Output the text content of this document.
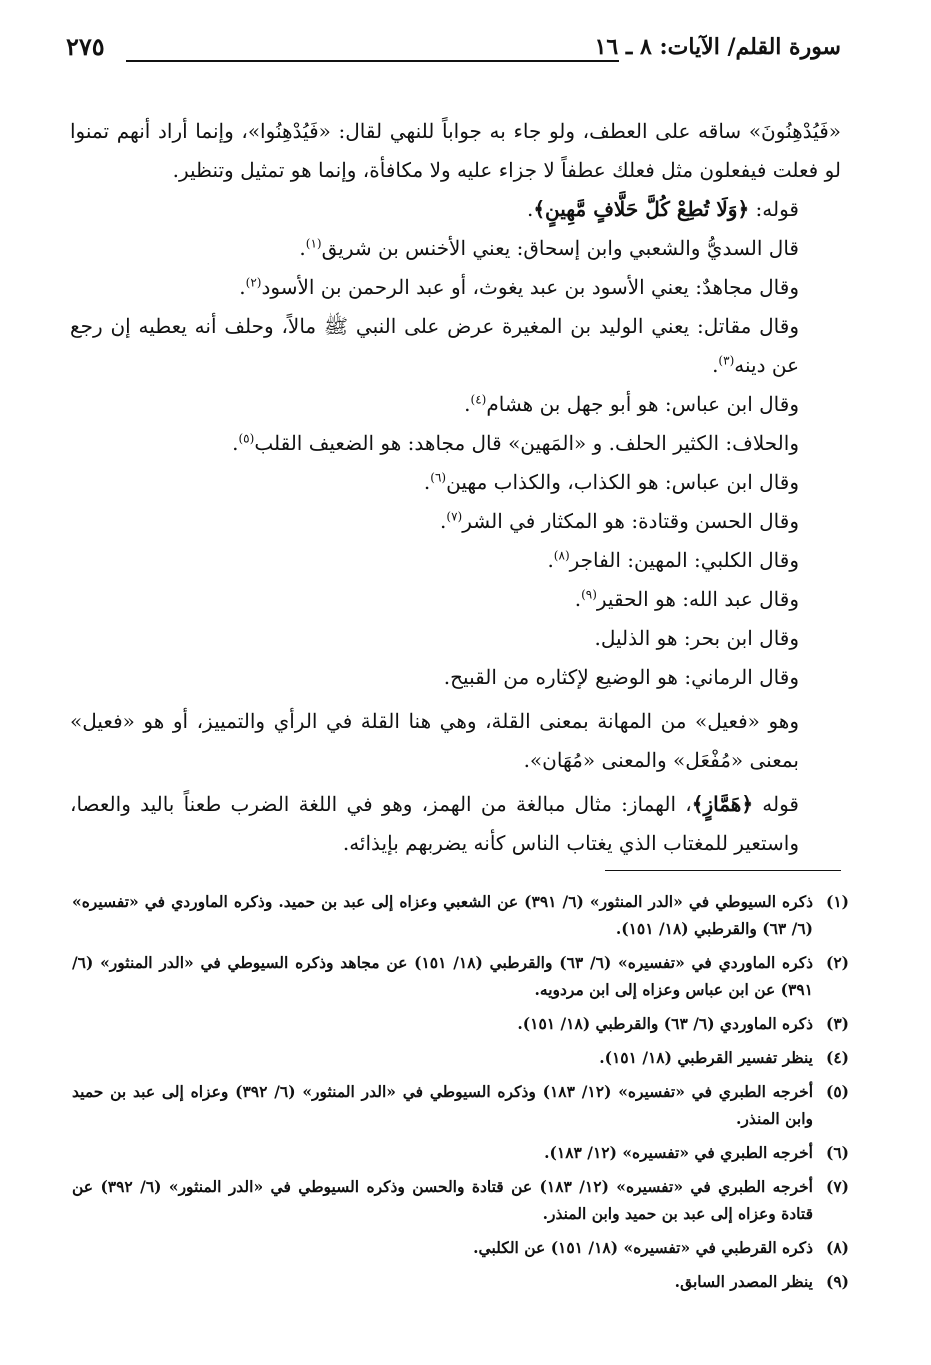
سورة القلم/ الآيات: ٨ ـ ١٦
٢٧٥

«فَيُدْهِنُونَ» ساقه على العطف، ولو جاء به جواباً للنهي لقال: «فَيُدْهِنُوا»، وإنما أراد أنهم تمنوا لو فعلت فيفعلون مثل فعلك عطفاً لا جزاء عليه ولا مكافأة، وإنما هو تمثيل وتنظير.

قوله: ﴿وَلَا تُطِعْ كُلَّ حَلَّافٍ مَّهِينٍ﴾.

قال السديُّ والشعبي وابن إسحاق: يعني الأخنس بن شريق$^{(١)}$.

وقال مجاهدٌ: يعني الأسود بن عبد يغوث، أو عبد الرحمن بن الأسود$^{(٢)}$.

وقال مقاتل: يعني الوليد بن المغيرة عرض على النبي ﷺ مالاً، وحلف أنه يعطيه إن رجع عن دينه$^{(٣)}$.

وقال ابن عباس: هو أبو جهل بن هشام$^{(٤)}$.

والحلاف: الكثير الحلف. و «المَهين» قال مجاهد: هو الضعيف القلب$^{(٥)}$.

وقال ابن عباس: هو الكذاب، والكذاب مهين$^{(٦)}$.

وقال الحسن وقتادة: هو المكثار في الشر$^{(٧)}$.

وقال الكلبي: المهين: الفاجر$^{(٨)}$.

وقال عبد الله: هو الحقير$^{(٩)}$.

وقال ابن بحر: هو الذليل.

وقال الرماني: هو الوضيع لإكثاره من القبيح.

وهو «فعيل» من المهانة بمعنى القلة، وهي هنا القلة في الرأي والتمييز، أو هو «فعيل» بمعنى «مُفْعَل» والمعنى «مُهَان».

قوله ﴿هَمَّازٍ﴾، الهماز: مثال مبالغة من الهمز، وهو في اللغة الضرب طعناً باليد والعصا، واستعير للمغتاب الذي يغتاب الناس كأنه يضربهم بإيذائه.

(١)
ذكره السيوطي في «الدر المنثور» (٦/ ٣٩١) عن الشعبي وعزاه إلى عبد بن حميد. وذكره الماوردي في «تفسيره» (٦/ ٦٣) والقرطبي (١٨/ ١٥١).
(٢)
ذكره الماوردي في «تفسيره» (٦/ ٦٣) والقرطبي (١٨/ ١٥١) عن مجاهد وذكره السيوطي في «الدر المنثور» (٦/ ٣٩١) عن ابن عباس وعزاه إلى ابن مردويه.
(٣)
ذكره الماوردي (٦/ ٦٣) والقرطبي (١٨/ ١٥١).
(٤)
ينظر تفسير القرطبي (١٨/ ١٥١).
(٥)
أخرجه الطبري في «تفسيره» (١٢/ ١٨٣) وذكره السيوطي في «الدر المنثور» (٦/ ٣٩٢) وعزاه إلى عبد بن حميد وابن المنذر.
(٦)
أخرجه الطبري في «تفسيره» (١٢/ ١٨٣).
(٧)
أخرجه الطبري في «تفسيره» (١٢/ ١٨٣) عن قتادة والحسن وذكره السيوطي في «الدر المنثور» (٦/ ٣٩٢) عن قتادة وعزاه إلى عبد بن حميد وابن المنذر.
(٨)
ذكره القرطبي في «تفسيره» (١٨/ ١٥١) عن الكلبي.
(٩)
ينظر المصدر السابق.
